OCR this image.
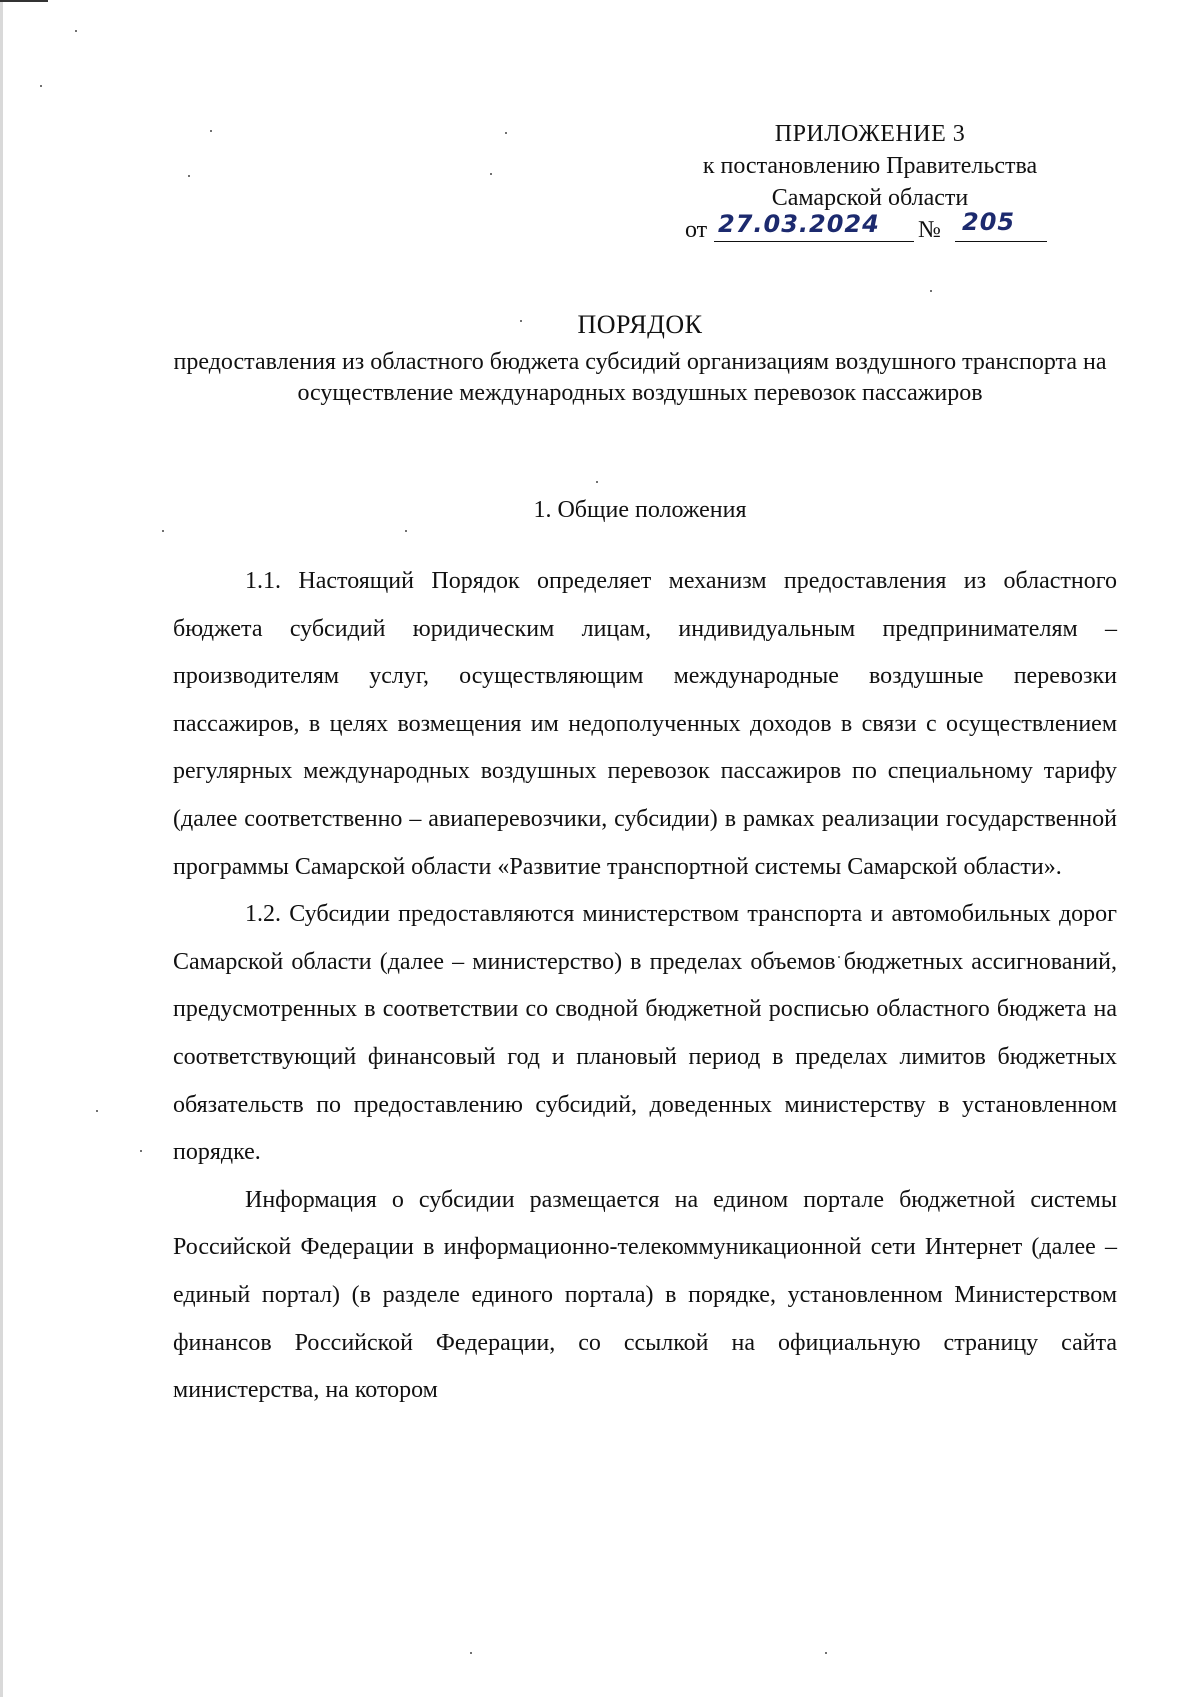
ПРИЛОЖЕНИЕ 3
к постановлению Правительства
Самарской области
от 27.03.2024 № 205
ПОРЯДОК
предоставления из областного бюджета субсидий организациям воздушного транспорта на осуществление международных воздушных перевозок пассажиров
1. Общие положения

1.1. Настоящий Порядок определяет механизм предоставления из областного бюджета субсидий юридическим лицам, индивидуальным предпринимателям – производителям услуг, осуществляющим международные воздушные перевозки пассажиров, в целях возмещения им недополученных доходов в связи с осуществлением регулярных международных воздушных перевозок пассажиров по специальному тарифу (далее соответственно – авиаперевозчики, субсидии) в рамках реализации государственной программы Самарской области «Развитие транспортной системы Самарской области».

1.2. Субсидии предоставляются министерством транспорта и автомобильных дорог Самарской области (далее – министерство) в пределах объемов бюджетных ассигнований, предусмотренных в соответствии со сводной бюджетной росписью областного бюджета на соответствующий финансовый год и плановый период в пределах лимитов бюджетных обязательств по предоставлению субсидий, доведенных министерству в установленном порядке.

Информация о субсидии размещается на едином портале бюджетной системы Российской Федерации в информационно-телекоммуникационной сети Интернет (далее – единый портал) (в разделе единого портала) в порядке, установленном Министерством финансов Российской Федерации, со ссылкой на официальную страницу сайта министерства, на котором
